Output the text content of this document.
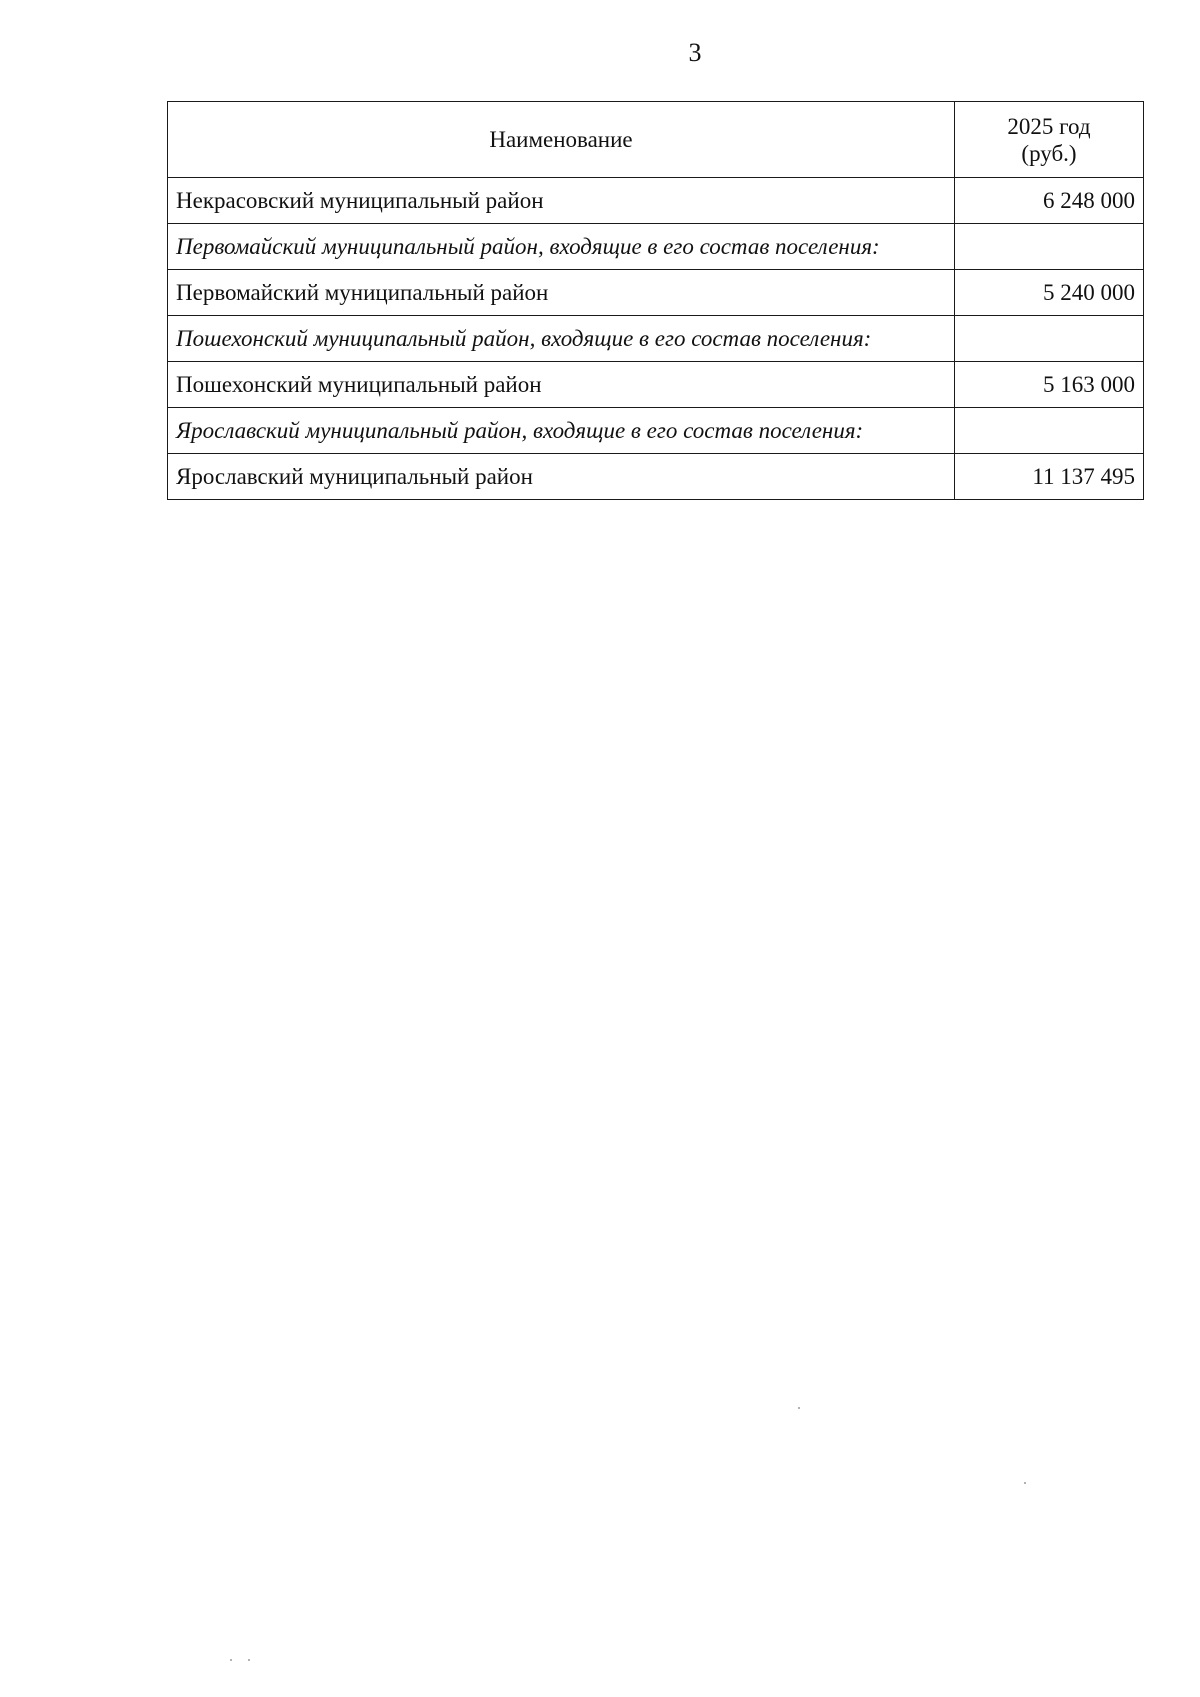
3
Наименование	2025 год
(руб.)

Некрасовский муниципальный район	6 248 000
Первомайский муниципальный район, входящие в его состав поселения:	
Первомайский муниципальный район	5 240 000
Пошехонский муниципальный район, входящие в его состав поселения:	
Пошехонский муниципальный район	5 163 000
Ярославский муниципальный район, входящие в его состав поселения:	
Ярославский муниципальный район	11 137 495
